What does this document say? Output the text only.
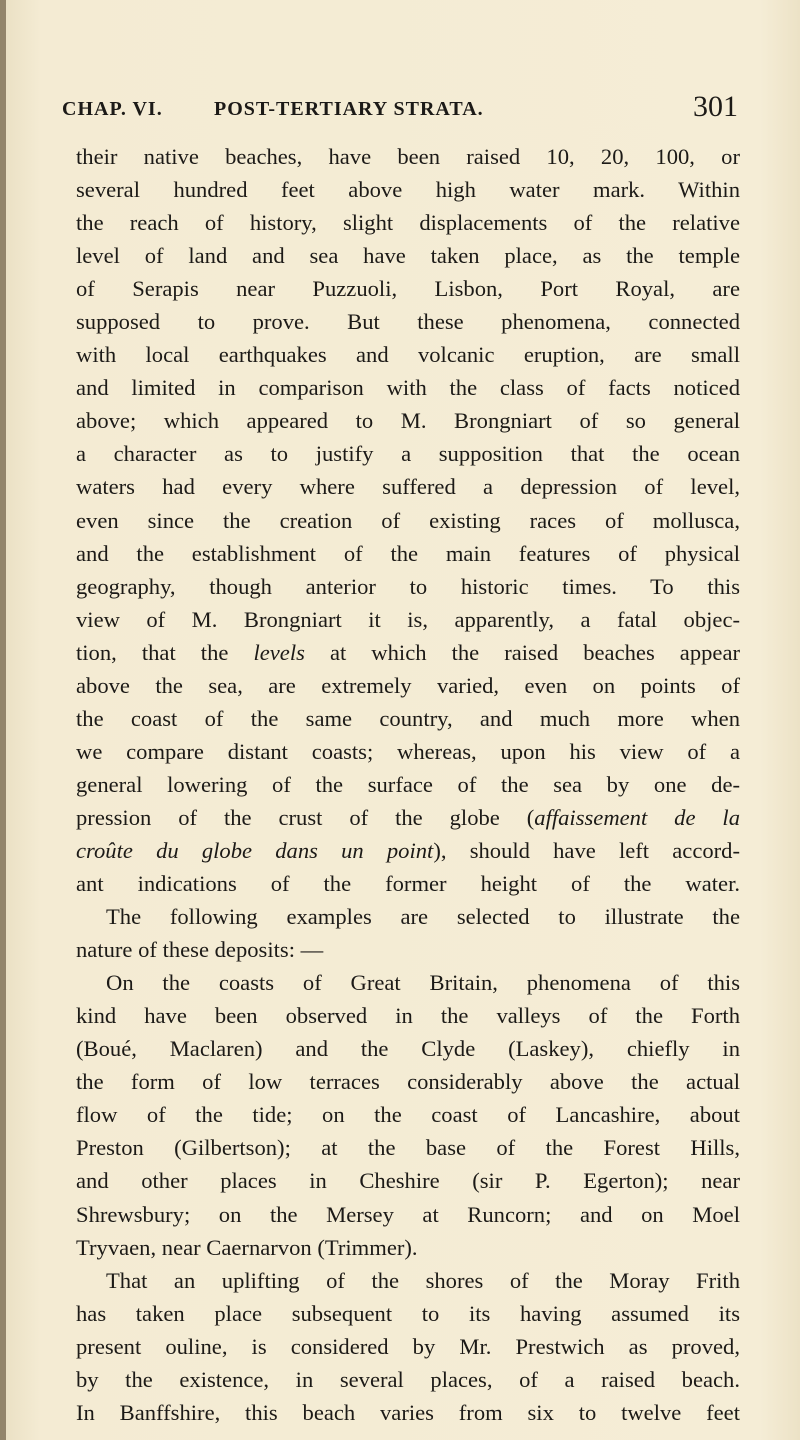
CHAP. VI.	POST-TERTIARY STRATA.	301
their native beaches, have been raised 10, 20, 100, or
several hundred feet above high water mark. Within
the reach of history, slight displacements of the relative
level of land and sea have taken place, as the temple
of Serapis near Puzzuoli, Lisbon, Port Royal, are
supposed to prove. But these phenomena, connected
with local earthquakes and volcanic eruption, are small
and limited in comparison with the class of facts noticed
above; which appeared to M. Brongniart of so general
a character as to justify a supposition that the ocean
waters had every where suffered a depression of level,
even since the creation of existing races of mollusca,
and the establishment of the main features of physical
geography, though anterior to historic times. To this
view of M. Brongniart it is, apparently, a fatal objec-
tion, that the levels at which the raised beaches appear
above the sea, are extremely varied, even on points of
the coast of the same country, and much more when
we compare distant coasts; whereas, upon his view of a
general lowering of the surface of the sea by one de-
pression of the crust of the globe (affaissement de la
croûte du globe dans un point), should have left accord-
ant indications of the former height of the water.
The following examples are selected to illustrate the
nature of these deposits: —
On the coasts of Great Britain, phenomena of this
kind have been observed in the valleys of the Forth
(Boué, Maclaren) and the Clyde (Laskey), chiefly in
the form of low terraces considerably above the actual
flow of the tide; on the coast of Lancashire, about
Preston (Gilbertson); at the base of the Forest Hills,
and other places in Cheshire (sir P. Egerton); near
Shrewsbury; on the Mersey at Runcorn; and on Moel
Tryvaen, near Caernarvon (Trimmer).
That an uplifting of the shores of the Moray Frith
has taken place subsequent to its having assumed its
present ouline, is considered by Mr. Prestwich as proved,
by the existence, in several places, of a raised beach.
In Banffshire, this beach varies from six to twelve feet
